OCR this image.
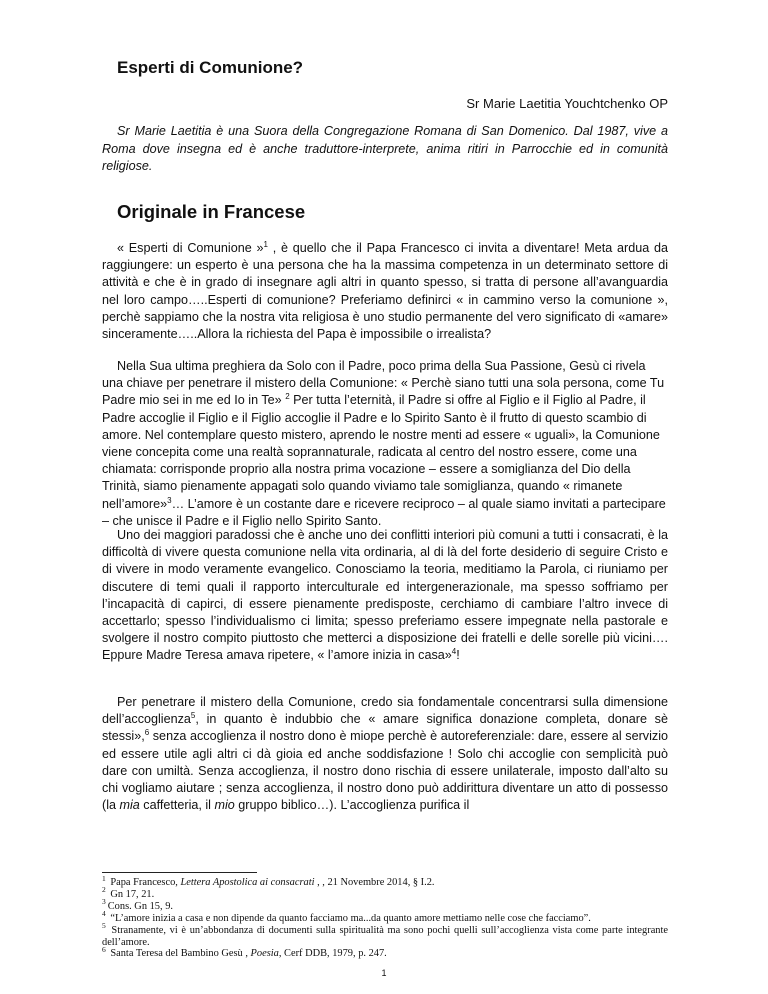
Esperti di Comunione?
Sr Marie Laetitia Youchtchenko OP

Sr Marie Laetitia è una Suora della Congregazione Romana di San Domenico. Dal 1987, vive a Roma dove insegna ed è anche traduttore-interprete, anima ritiri in Parrocchie ed in comunità religiose.

Originale in Francese

« Esperti di Comunione »$^1$ , è quello che il Papa Francesco ci invita a diventare! Meta ardua da raggiungere: un esperto è una persona che ha la massima competenza in un determinato settore di attività e che è in grado di insegnare agli altri in quanto spesso, si tratta di persone all’avanguardia nel loro campo…..Esperti di comunione? Preferiamo definirci « in cammino verso la comunione », perchè sappiamo che la nostra vita religiosa è uno studio permanente del vero significato di «amare» sinceramente…..Allora la richiesta del Papa è impossibile o irrealista?

Nella Sua ultima preghiera da Solo con il Padre, poco prima della Sua Passione, Gesù ci rivela una chiave per penetrare il mistero della Comunione: « Perchè siano tutti una sola persona, come Tu Padre mio sei in me ed Io in Te» $^2$ Per tutta l’eternità, il Padre si offre al Figlio e il Figlio al Padre, il Padre accoglie il Figlio e il Figlio accoglie il Padre e lo Spirito Santo è il frutto di questo scambio di amore. Nel contemplare questo mistero, aprendo le nostre menti ad essere « uguali», la Comunione viene concepita come una realtà soprannaturale, radicata al centro del nostro essere, come una chiamata: corrisponde proprio alla nostra prima vocazione – essere a somiglianza del Dio della Trinità, siamo pienamente appagati solo quando viviamo tale somiglianza, quando « rimanete nell’amore»$^3$… L’amore è un costante dare e ricevere reciproco – al quale siamo invitati a partecipare – che unisce il Padre e il Figlio nello Spirito Santo.

Uno dei maggiori paradossi che è anche uno dei conflitti interiori più comuni a tutti i consacrati, è la difficoltà di vivere questa comunione nella vita ordinaria, al di là del forte desiderio di seguire Cristo e di vivere in modo veramente evangelico. Conosciamo la teoria, meditiamo la Parola, ci riuniamo per discutere di temi quali il rapporto interculturale ed intergenerazionale, ma spesso soffriamo per l’incapacità di capirci, di essere pienamente predisposte, cerchiamo di cambiare l’altro invece di accettarlo; spesso l’individualismo ci limita; spesso preferiamo essere impegnate nella pastorale e svolgere il nostro compito piuttosto che metterci a disposizione dei fratelli e delle sorelle più vicini…. Eppure Madre Teresa amava ripetere, « l’amore inizia in casa»$^4$!

Per penetrare il mistero della Comunione, credo sia fondamentale concentrarsi sulla dimensione dell’accoglienza$^5$, in quanto è indubbio che « amare significa donazione completa, donare sè stessi»,$^6$ senza accoglienza il nostro dono è miope perchè è autoreferenziale: dare, essere al servizio ed essere utile agli altri ci dà gioia ed anche soddisfazione ! Solo chi accoglie con semplicità può dare con umiltà. Senza accoglienza, il nostro dono rischia di essere unilaterale, imposto dall’alto su chi vogliamo aiutare ; senza accoglienza, il nostro dono può addirittura diventare un atto di possesso (la mia caffetteria, il mio gruppo biblico…). L’accoglienza purifica il

$^1$ Papa Francesco, Lettera Apostolica ai consacrati , , 21 Novembre 2014, § I.2.
$^2$ Gn 17, 21.
$^3$ Cons. Gn 15, 9.
$^4$ “L’amore inizia a casa e non dipende da quanto facciamo ma...da quanto amore mettiamo nelle cose che facciamo”.
$^5$ Stranamente, vi è un’abbondanza di documenti sulla spiritualità ma sono pochi quelli sull’accoglienza vista come parte integrante dell’amore.
$^6$ Santa Teresa del Bambino Gesù , Poesia, Cerf DDB, 1979, p. 247.
1
